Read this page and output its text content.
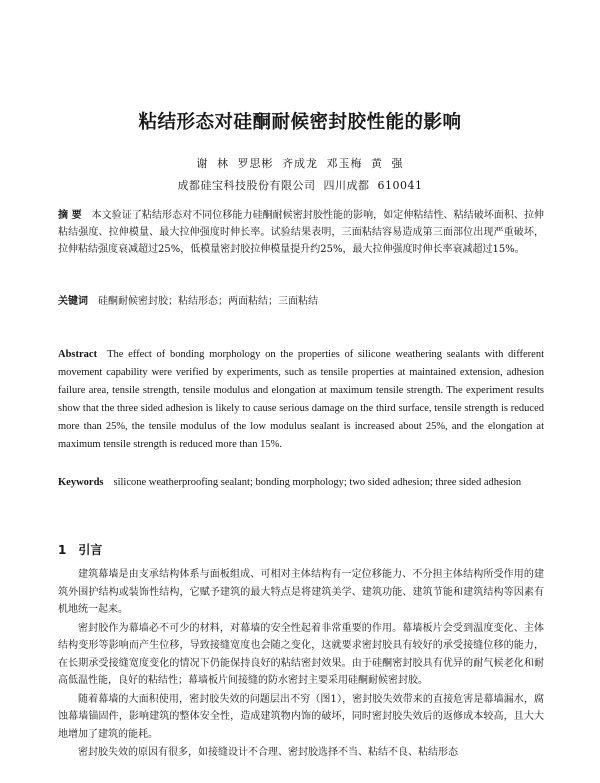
粘结形态对硅酮耐候密封胶性能的影响
谢 林 罗思彬 齐成龙 邓玉梅 黄 强
成都硅宝科技股份有限公司 四川成都 610041
摘 要 本文验证了粘结形态对不同位移能力硅酮耐候密封胶性能的影响，如定伸粘结性、粘结破坏面积、拉伸粘结强度、拉伸模量、最大拉伸强度时伸长率。试验结果表明，三面粘结容易造成第三面部位出现严重破坏，拉伸粘结强度衰减超过25%，低模量密封胶拉伸模量提升约25%，最大拉伸强度时伸长率衰减超过15%。
关键词 硅酮耐候密封胶；粘结形态；两面粘结；三面粘结
Abstract The effect of bonding morphology on the properties of silicone weathering sealants with different movement capability were verified by experiments, such as tensile properties at maintained extension, adhesion failure area, tensile strength, tensile modulus and elongation at maximum tensile strength. The experiment results show that the three sided adhesion is likely to cause serious damage on the third surface, tensile strength is reduced more than 25%, the tensile modulus of the low modulus sealant is increased about 25%, and the elongation at maximum tensile strength is reduced more than 15%.
Keywords silicone weatherproofing sealant; bonding morphology; two sided adhesion; three sided adhesion
1 引言

建筑幕墙是由支承结构体系与面板组成、可相对主体结构有一定位移能力、不分担主体结构所受作用的建筑外围护结构或装饰性结构，它赋予建筑的最大特点是将建筑美学、建筑功能、建筑节能和建筑结构等因素有机地统一起来。

密封胶作为幕墙必不可少的材料，对幕墙的安全性起着非常重要的作用。幕墙板片会受到温度变化、主体结构变形等影响而产生位移，导致接缝宽度也会随之变化，这就要求密封胶具有较好的承受接缝位移的能力，在长期承受接缝宽度变化的情况下仍能保持良好的粘结密封效果。由于硅酮密封胶具有优异的耐气候老化和耐高低温性能，良好的粘结性；幕墙板片间接缝的防水密封主要采用硅酮耐候密封胶。

随着幕墙的大面积使用，密封胶失效的问题层出不穷（图1），密封胶失效带来的直接危害是幕墙漏水，腐蚀幕墙锚固件，影响建筑的整体安全性，造成建筑物内饰的破坏，同时密封胶失效后的返修成本较高，且大大地增加了建筑的能耗。

密封胶失效的原因有很多，如接缝设计不合理、密封胶选择不当、粘结不良、粘结形态
